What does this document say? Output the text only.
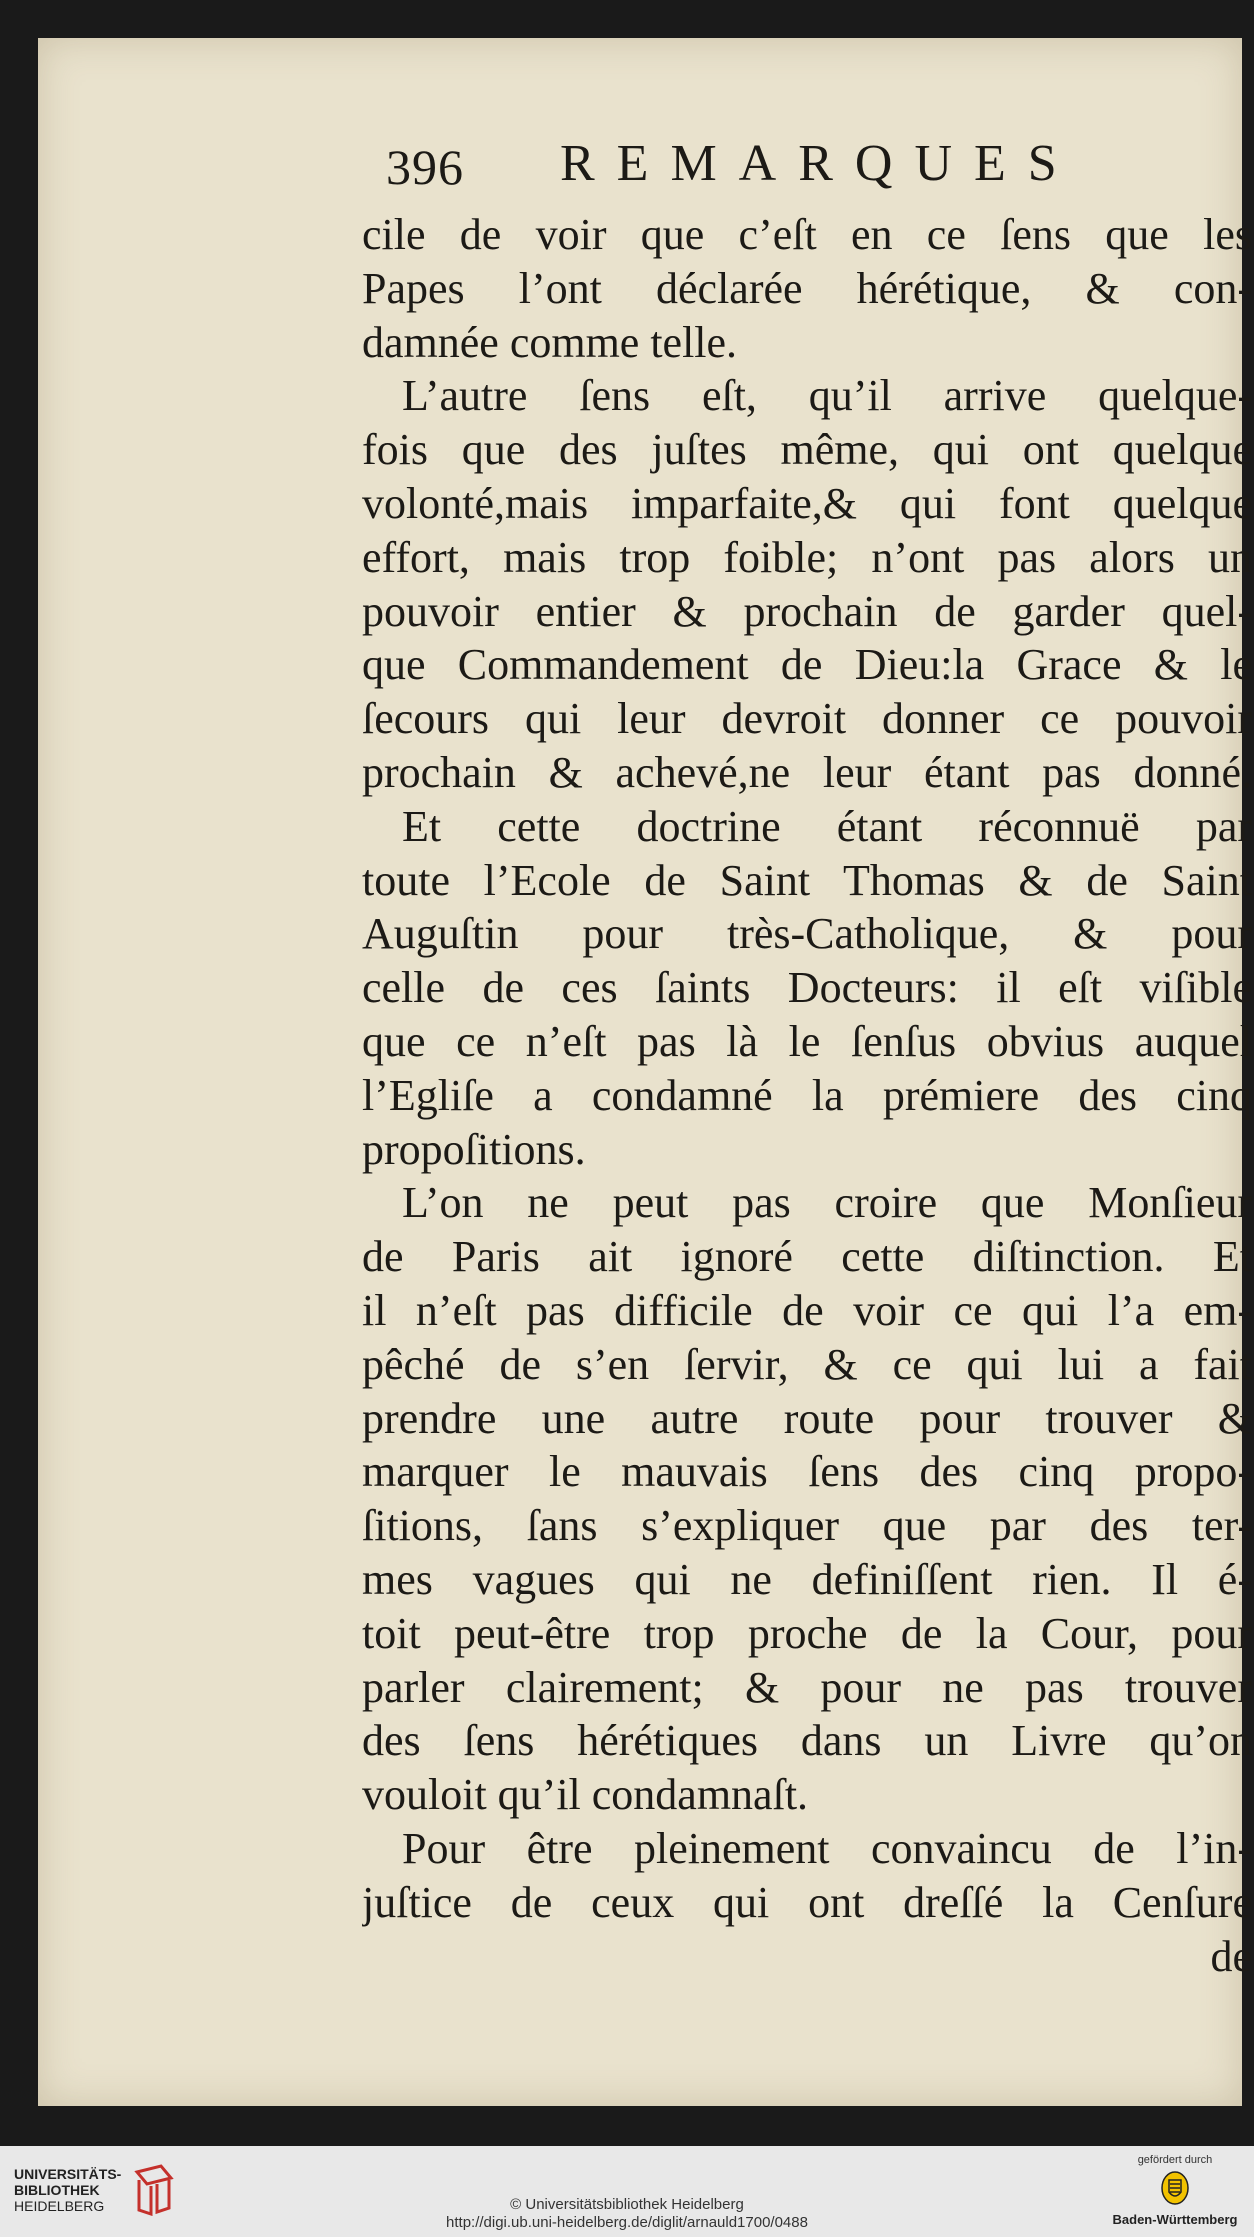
396 REMARQUES
cile de voir que c’eſt en ce ſens que les
Papes l’ont déclarée hérétique, & con-
damnée comme telle.
L’autre ſens eſt, qu’il arrive quelque-
fois que des juſtes même, qui ont quelque
volonté,mais imparfaite,& qui font quelque
effort, mais trop foible; n’ont pas alors un
pouvoir entier & prochain de garder quel-
que Commandement de Dieu:la Grace & le
ſecours qui leur devroit donner ce pouvoir
prochain & achevé,ne leur étant pas donné.
Et cette doctrine étant réconnuë par
toute l’Ecole de Saint Thomas & de Saint
Auguſtin pour très-Catholique, & pour
celle de ces ſaints Docteurs: il eſt viſible
que ce n’eſt pas là le ſenſus obvius auquel
l’Egliſe a condamné la prémiere des cinq
propoſitions.
L’on ne peut pas croire que Monſieur
de Paris ait ignoré cette diſtinction. Et
il n’eſt pas difficile de voir ce qui l’a em-
pêché de s’en ſervir, & ce qui lui a fait
prendre une autre route pour trouver &
marquer le mauvais ſens des cinq propo-
ſitions, ſans s’expliquer que par des ter-
mes vagues qui ne definiſſent rien. Il é-
toit peut-être trop proche de la Cour, pour
parler clairement; & pour ne pas trouver
des ſens hérétiques dans un Livre qu’on
vouloit qu’il condamnaſt.
Pour être pleinement convaincu de l’in-
juſtice de ceux qui ont dreſſé la Cenſure
de
UNIVERSITÄTS-
BIBLIOTHEK
HEIDELBERG	© Universitätsbibliothek Heidelberg
http://digi.ub.uni-heidelberg.de/diglit/arnauld1700/0488
gefördert durch
Baden-Württemberg
